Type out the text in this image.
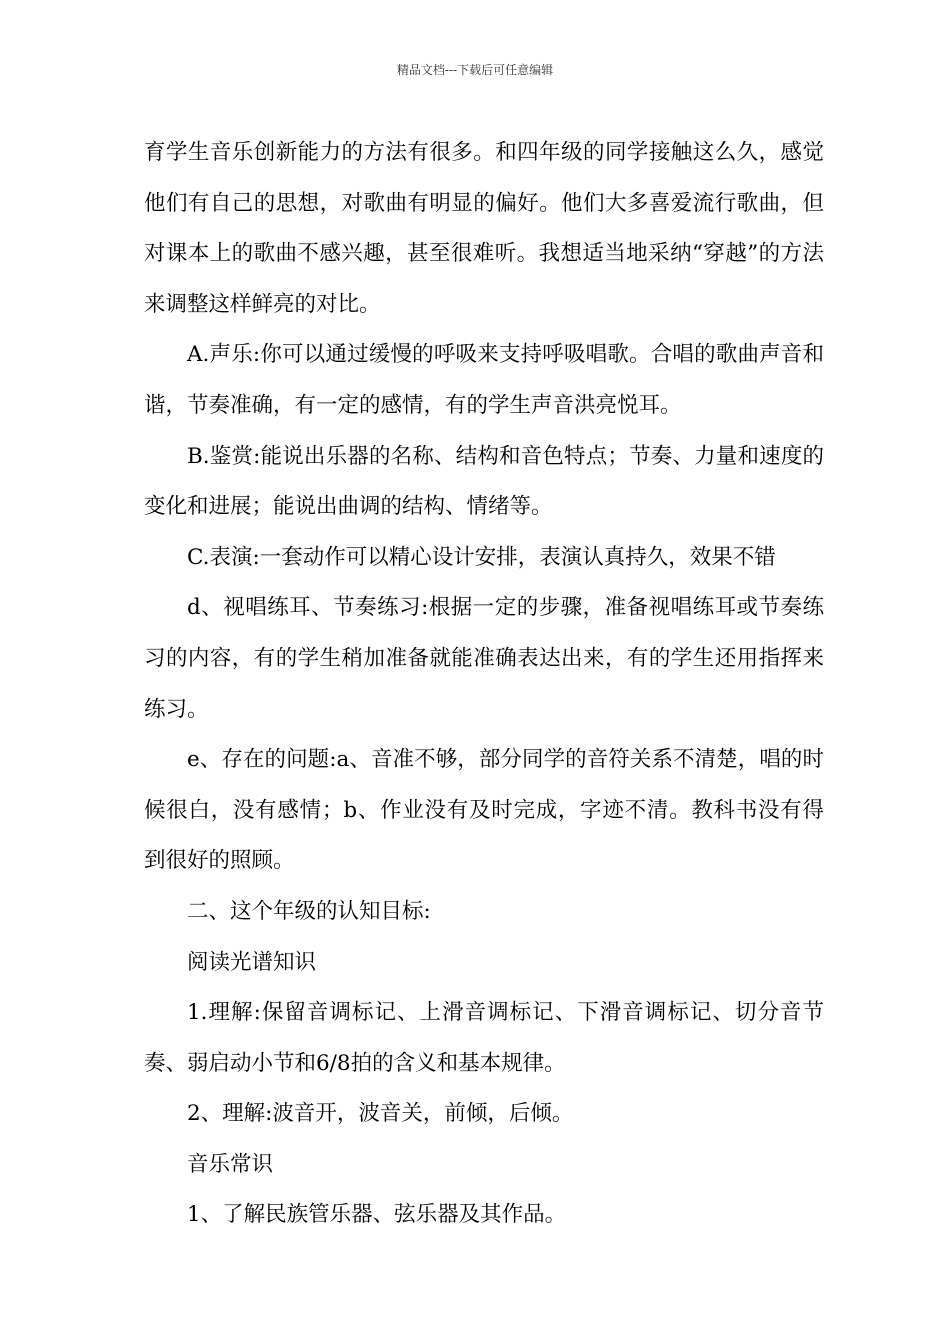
精品文档---下载后可任意编辑

育学生音乐创新能力的方法有很多。和四年级的同学接触这么久，感觉他们有自己的思想，对歌曲有明显的偏好。他们大多喜爱流行歌曲，但对课本上的歌曲不感兴趣，甚至很难听。我想适当地采纳“穿越”的方法来调整这样鲜亮的对比。

A.声乐:你可以通过缓慢的呼吸来支持呼吸唱歌。合唱的歌曲声音和谐，节奏准确，有一定的感情，有的学生声音洪亮悦耳。

B.鉴赏:能说出乐器的名称、结构和音色特点；节奏、力量和速度的变化和进展；能说出曲调的结构、情绪等。

C.表演:一套动作可以精心设计安排，表演认真持久，效果不错

d、视唱练耳、节奏练习:根据一定的步骤，准备视唱练耳或节奏练习的内容，有的学生稍加准备就能准确表达出来，有的学生还用指挥来练习。

e、存在的问题:a、音准不够，部分同学的音符关系不清楚，唱的时候很白，没有感情；b、作业没有及时完成，字迹不清。教科书没有得到很好的照顾。

二、这个年级的认知目标:

阅读光谱知识

1.理解:保留音调标记、上滑音调标记、下滑音调标记、切分音节奏、弱启动小节和6/8拍的含义和基本规律。

2、理解:波音开，波音关，前倾，后倾。

音乐常识

1、了解民族管乐器、弦乐器及其作品。
